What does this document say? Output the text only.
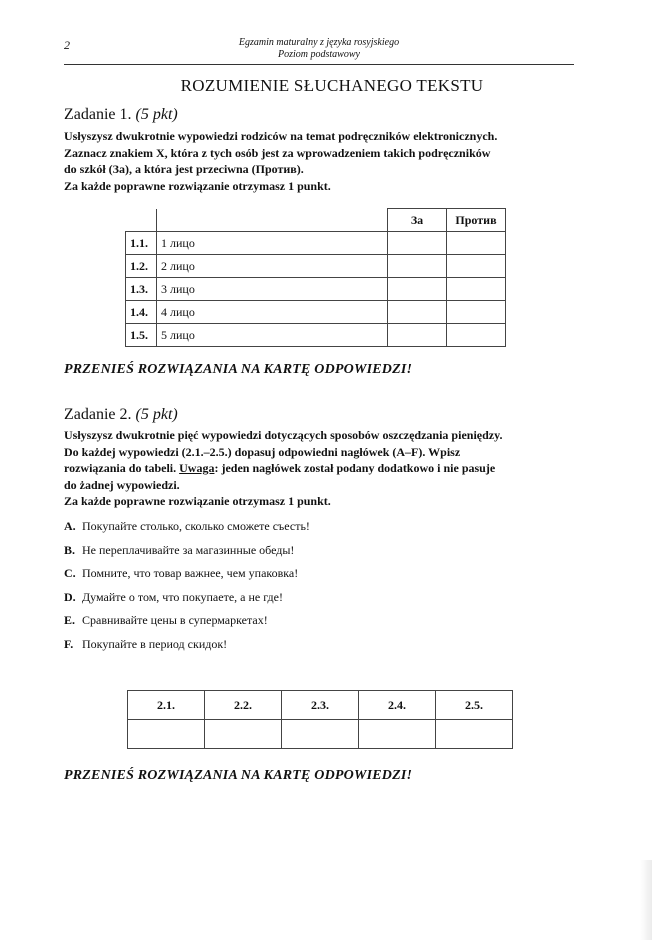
2	Egzamin maturalny z języka rosyjskiego
Poziom podstawowy
ROZUMIENIE SŁUCHANEGO TEKSTU
Zadanie 1. (5 pkt)
Usłyszysz dwukrotnie wypowiedzi rodziców na temat podręczników elektronicznych.
Zaznacz znakiem X, która z tych osób jest za wprowadzeniem takich podręczników
do szkół (За), a która jest przeciwna (Против).
Za każde poprawne rozwiązanie otrzymasz 1 punkt.
		За	Против
1.1.	1 лицо		
1.2.	2 лицо		
1.3.	3 лицо		
1.4.	4 лицо		
1.5.	5 лицо		
PRZENIEŚ ROZWIĄZANIA NA KARTĘ ODPOWIEDZI!
Zadanie 2. (5 pkt)
Usłyszysz dwukrotnie pięć wypowiedzi dotyczących sposobów oszczędzania pieniędzy.
Do każdej wypowiedzi (2.1.–2.5.) dopasuj odpowiedni nagłówek (A–F). Wpisz
rozwiązania do tabeli. Uwaga: jeden nagłówek został podany dodatkowo i nie pasuje
do żadnej wypowiedzi.
Za każde poprawne rozwiązanie otrzymasz 1 punkt.
A. Покупайте столько, сколько сможете съесть!
B. Не переплачивайте за магазинные обеды!
C. Помните, что товар важнее, чем упаковка!
D. Думайте о том, что покупаете, а не где!
E. Сравнивайте цены в супермаркетах!
F. Покупайте в период скидок!
2.1.	2.2.	2.3.	2.4.	2.5.

PRZENIEŚ ROZWIĄZANIA NA KARTĘ ODPOWIEDZI!
